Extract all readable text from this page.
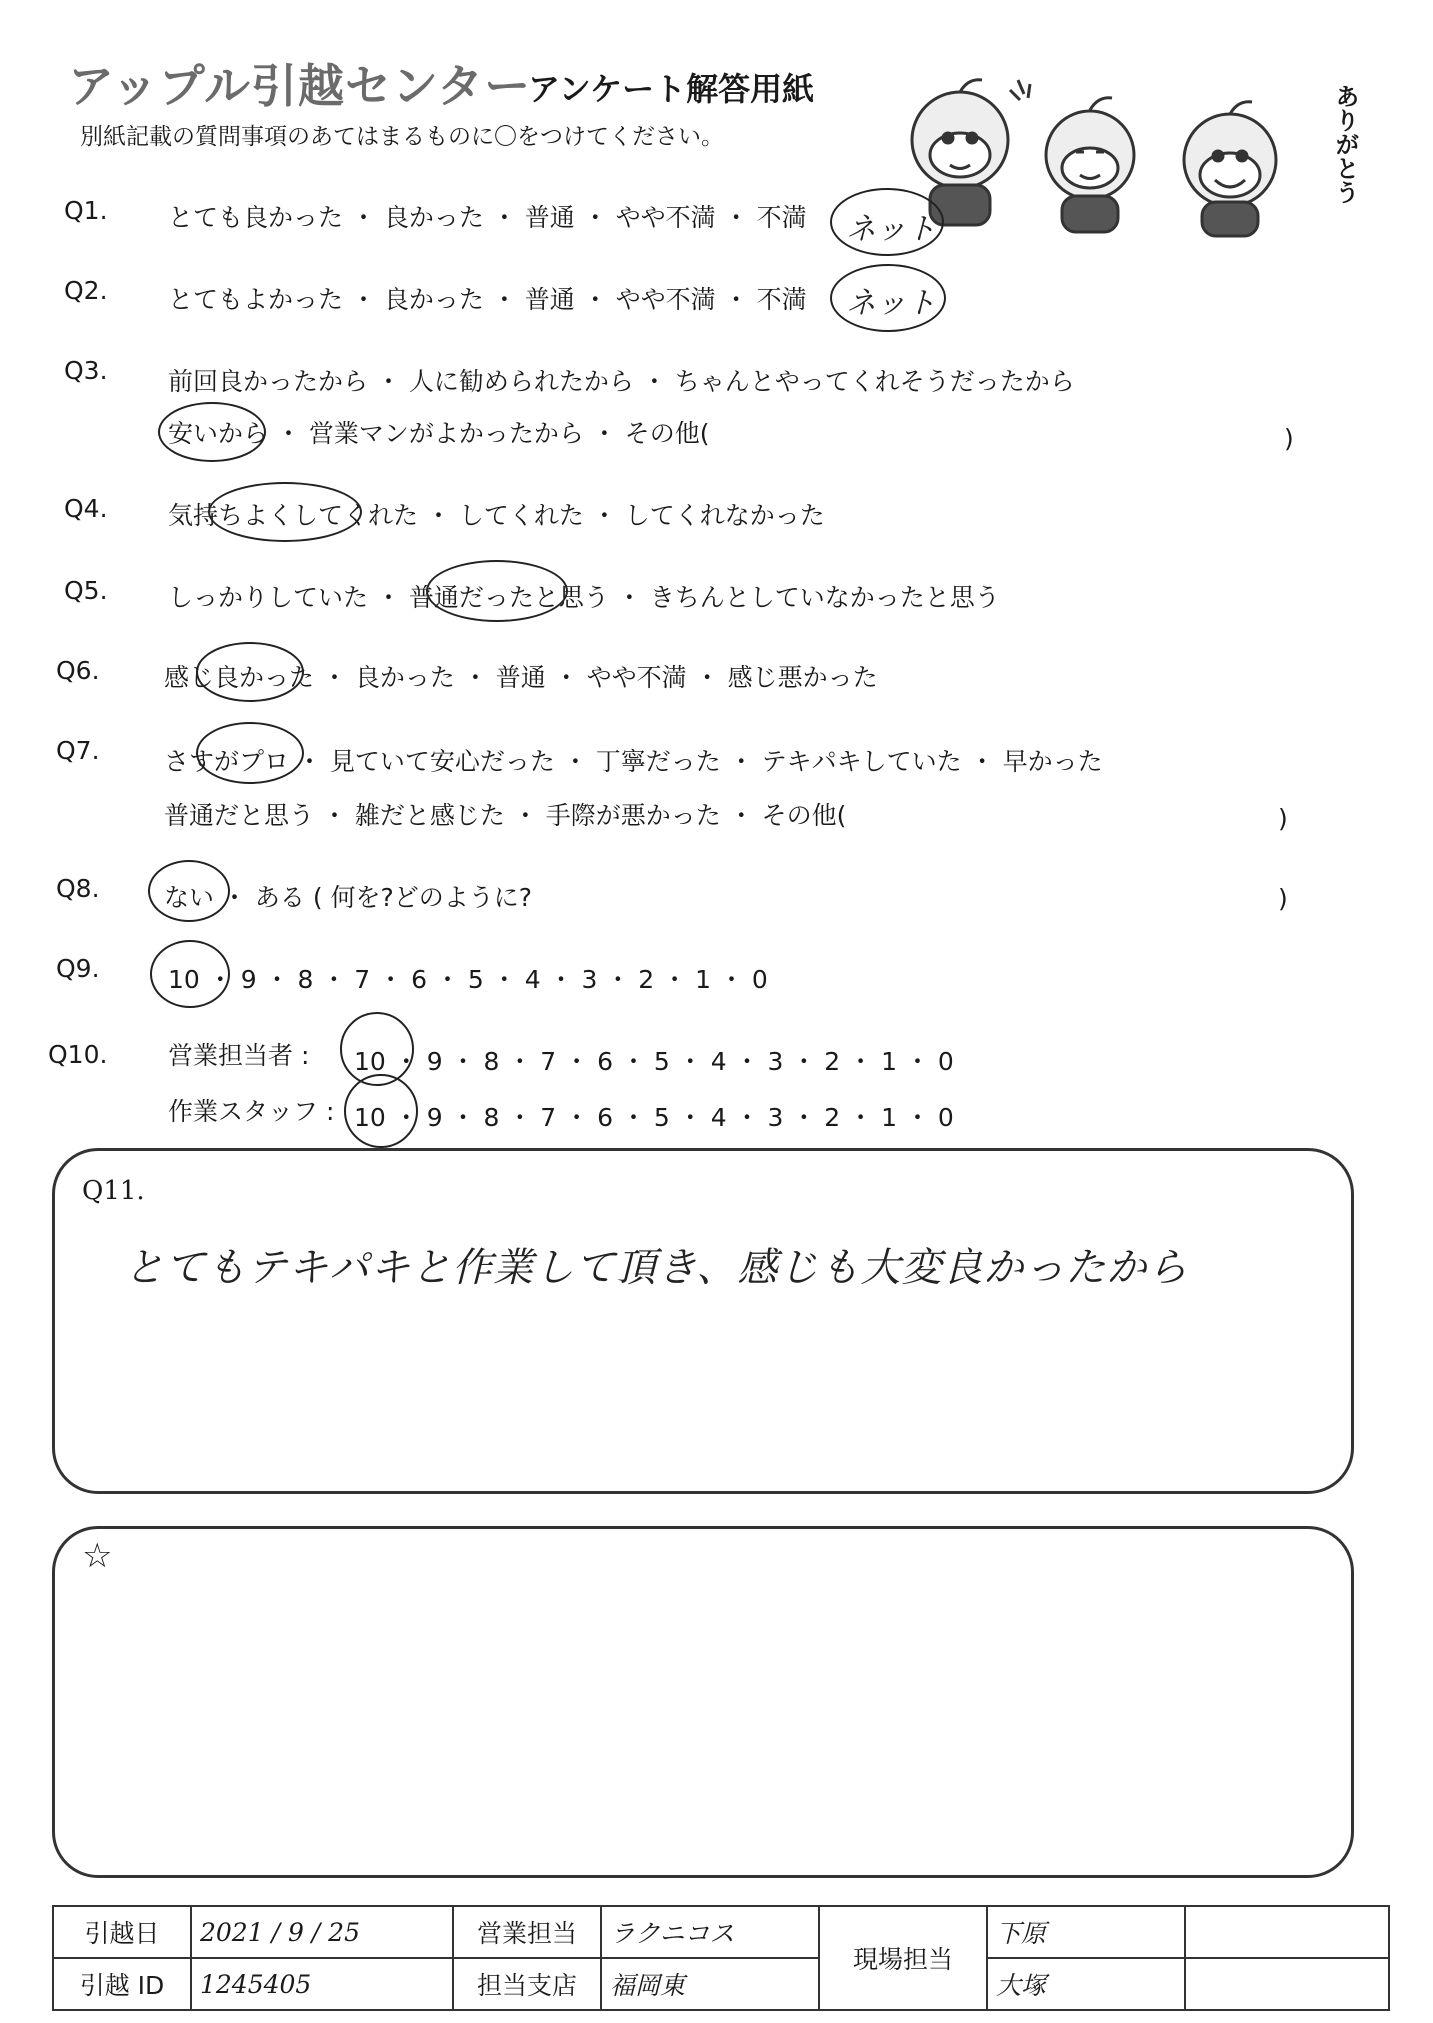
アップル引越センター
アンケート解答用紙
別紙記載の質問事項のあてはまるものに〇をつけてください。	ありがとう
Q1. とても良かった ・ 良かった ・ 普通 ・ やや不満 ・ 不満 ネット
Q2. とてもよかった ・ 良かった ・ 普通 ・ やや不満 ・ 不満 ネット
Q3. 前回良かったから ・ 人に勧められたから ・ ちゃんとやってくれそうだったから
安いから ・ 営業マンがよかったから ・ その他(	)
Q4. 気持ちよくしてくれた ・ してくれた ・ してくれなかった
Q5. しっかりしていた ・ 普通だったと思う ・ きちんとしていなかったと思う
Q6.	感じ良かった ・ 良かった ・ 普通 ・ やや不満 ・ 感じ悪かった
Q7.	さすがプロ ・ 見ていて安心だった ・ 丁寧だった ・ テキパキしていた ・ 早かった
普通だと思う ・ 雑だと感じた ・ 手際が悪かった ・ その他(	)
Q8.	ない ・ ある ( 何を?どのように?	)
Q9.	10 ・ 9 ・ 8 ・ 7 ・ 6 ・ 5 ・ 4 ・ 3 ・ 2 ・ 1 ・ 0
Q10. 営業担当者 : 10 ・ 9 ・ 8 ・ 7 ・ 6 ・ 5 ・ 4 ・ 3 ・ 2 ・ 1 ・ 0
作業スタッフ : 10 ・ 9 ・ 8 ・ 7 ・ 6 ・ 5 ・ 4 ・ 3 ・ 2 ・ 1 ・ 0
Q11.
とてもテキパキと作業して頂き、感じも大変良かったから
☆
引越日	2021 / 9 / 25	営業担当	ラクニコス	現場担当	下原	
引越 ID	1245405	担当支店	福岡東		大塚	
